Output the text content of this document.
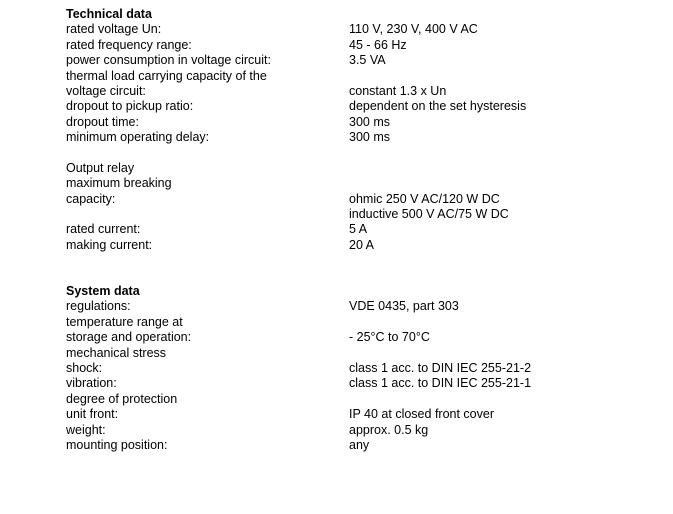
Technical data
rated voltage Un:	110 V, 230 V, 400 V AC
rated frequency range:	45 - 66 Hz
power consumption in voltage circuit:	3.5 VA
thermal load carrying capacity of the
voltage circuit:	constant 1.3 x Un
dropout to pickup ratio:	dependent on the set hysteresis
dropout time:	300 ms
minimum operating delay:	300 ms
Output relay
maximum breaking
capacity:	ohmic 250 V AC/120 W DC
inductive 500 V AC/75 W DC
rated current:	5 A
making current:	20 A
System data
regulations:	VDE 0435, part 303
temperature range at
storage and operation:	- 25°C to 70°C
mechanical stress
shock:	class 1 acc. to DIN IEC 255-21-2
vibration:	class 1 acc. to DIN IEC 255-21-1
degree of protection
unit front:	IP 40 at closed front cover
weight:	approx. 0.5 kg
mounting position:	any
